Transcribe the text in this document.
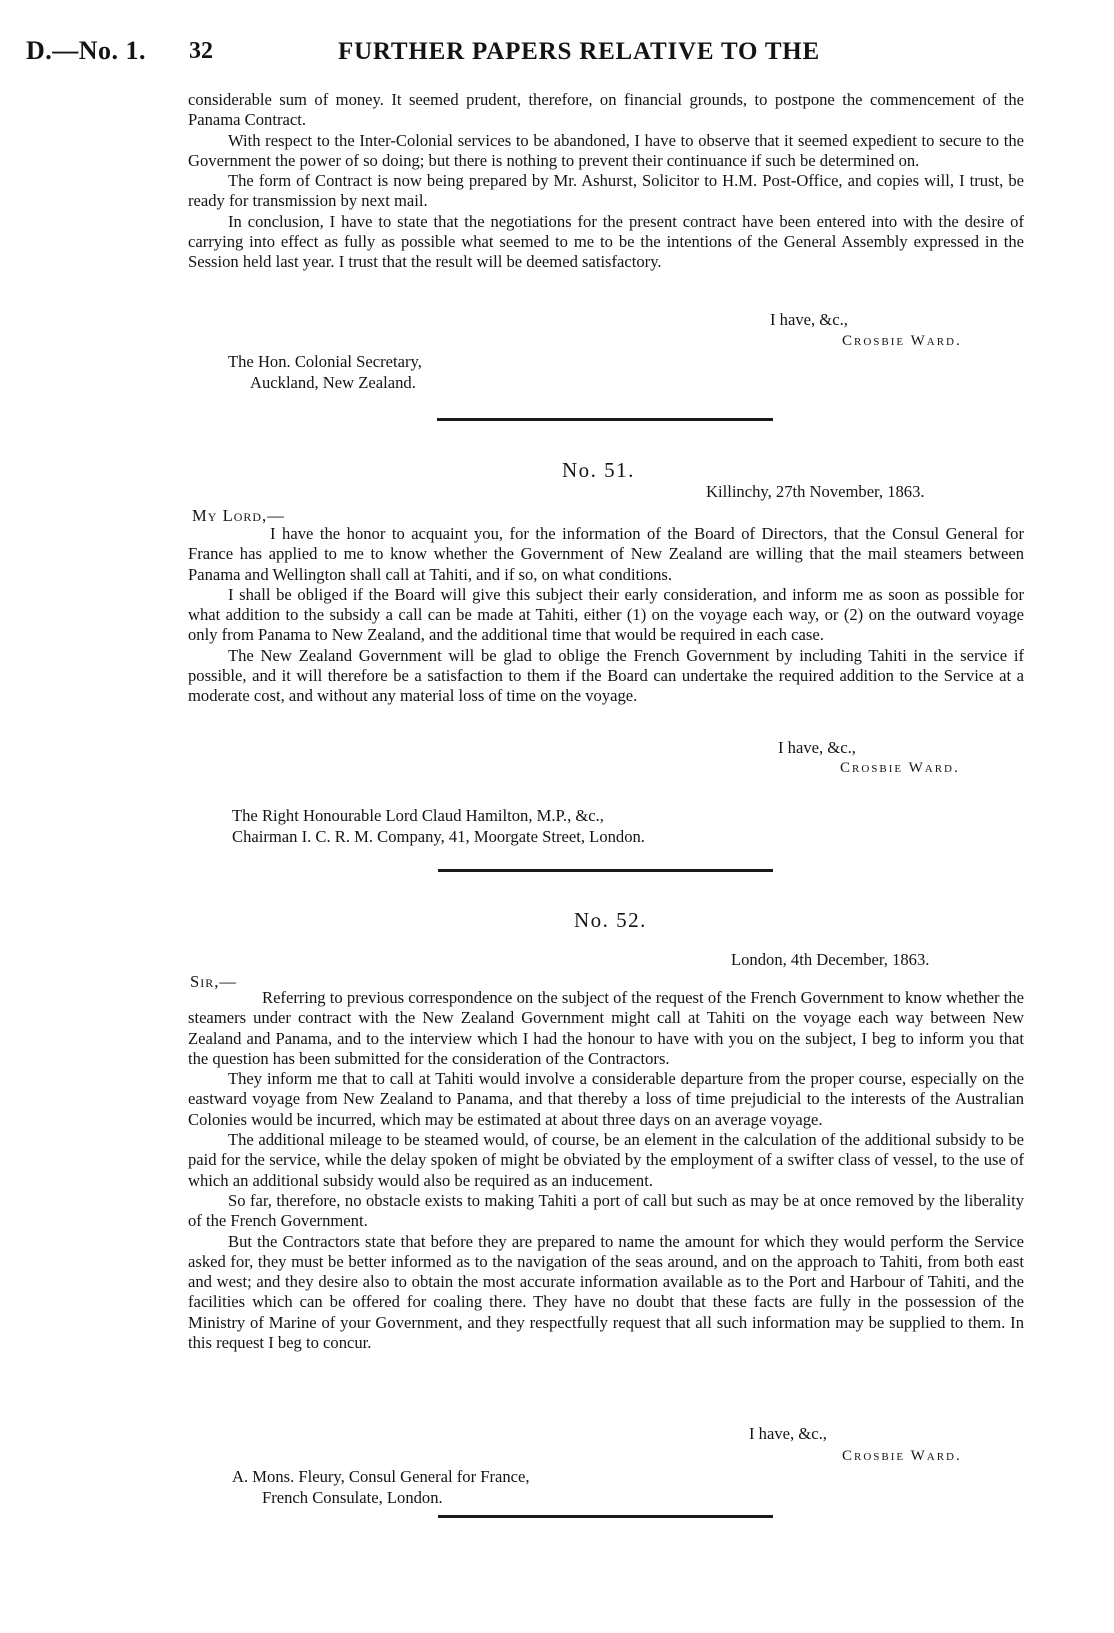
D.—No. 1. 32	FURTHER PAPERS RELATIVE TO THE

considerable sum of money. It seemed prudent, therefore, on financial grounds, to postpone the commencement of the Panama Contract.

With respect to the Inter-Colonial services to be abandoned, I have to observe that it seemed expedient to secure to the Government the power of so doing; but there is nothing to prevent their continuance if such be determined on.

The form of Contract is now being prepared by Mr. Ashurst, Solicitor to H.M. Post-Office, and copies will, I trust, be ready for transmission by next mail.

In conclusion, I have to state that the negotiations for the present contract have been entered into with the desire of carrying into effect as fully as possible what seemed to me to be the intentions of the General Assembly expressed in the Session held last year. I trust that the result will be deemed satisfactory.

I have, &c.,
Crosbie Ward.
The Hon. Colonial Secretary,
Auckland, New Zealand.
No. 51.
Killinchy, 27th November, 1863.
My Lord,—

I have the honor to acquaint you, for the information of the Board of Directors, that the Consul General for France has applied to me to know whether the Government of New Zealand are willing that the mail steamers between Panama and Wellington shall call at Tahiti, and if so, on what conditions.

I shall be obliged if the Board will give this subject their early consideration, and inform me as soon as possible for what addition to the subsidy a call can be made at Tahiti, either (1) on the voyage each way, or (2) on the outward voyage only from Panama to New Zealand, and the additional time that would be required in each case.

The New Zealand Government will be glad to oblige the French Government by including Tahiti in the service if possible, and it will therefore be a satisfaction to them if the Board can undertake the required addition to the Service at a moderate cost, and without any material loss of time on the voyage.

I have, &c.,
Crosbie Ward.
The Right Honourable Lord Claud Hamilton, M.P., &c.,
Chairman I. C. R. M. Company, 41, Moorgate Street, London.
No. 52.
London, 4th December, 1863.
Sir,—

Referring to previous correspondence on the subject of the request of the French Government to know whether the steamers under contract with the New Zealand Government might call at Tahiti on the voyage each way between New Zealand and Panama, and to the interview which I had the honour to have with you on the subject, I beg to inform you that the question has been submitted for the consideration of the Contractors.

They inform me that to call at Tahiti would involve a considerable departure from the proper course, especially on the eastward voyage from New Zealand to Panama, and that thereby a loss of time prejudicial to the interests of the Australian Colonies would be incurred, which may be estimated at about three days on an average voyage.

The additional mileage to be steamed would, of course, be an element in the calculation of the additional subsidy to be paid for the service, while the delay spoken of might be obviated by the employment of a swifter class of vessel, to the use of which an additional subsidy would also be required as an inducement.

So far, therefore, no obstacle exists to making Tahiti a port of call but such as may be at once removed by the liberality of the French Government.

But the Contractors state that before they are prepared to name the amount for which they would perform the Service asked for, they must be better informed as to the navigation of the seas around, and on the approach to Tahiti, from both east and west; and they desire also to obtain the most accurate information available as to the Port and Harbour of Tahiti, and the facilities which can be offered for coaling there. They have no doubt that these facts are fully in the possession of the Ministry of Marine of your Government, and they respectfully request that all such information may be supplied to them. In this request I beg to concur.

I have, &c.,
Crosbie Ward.
A. Mons. Fleury, Consul General for France,
French Consulate, London.
